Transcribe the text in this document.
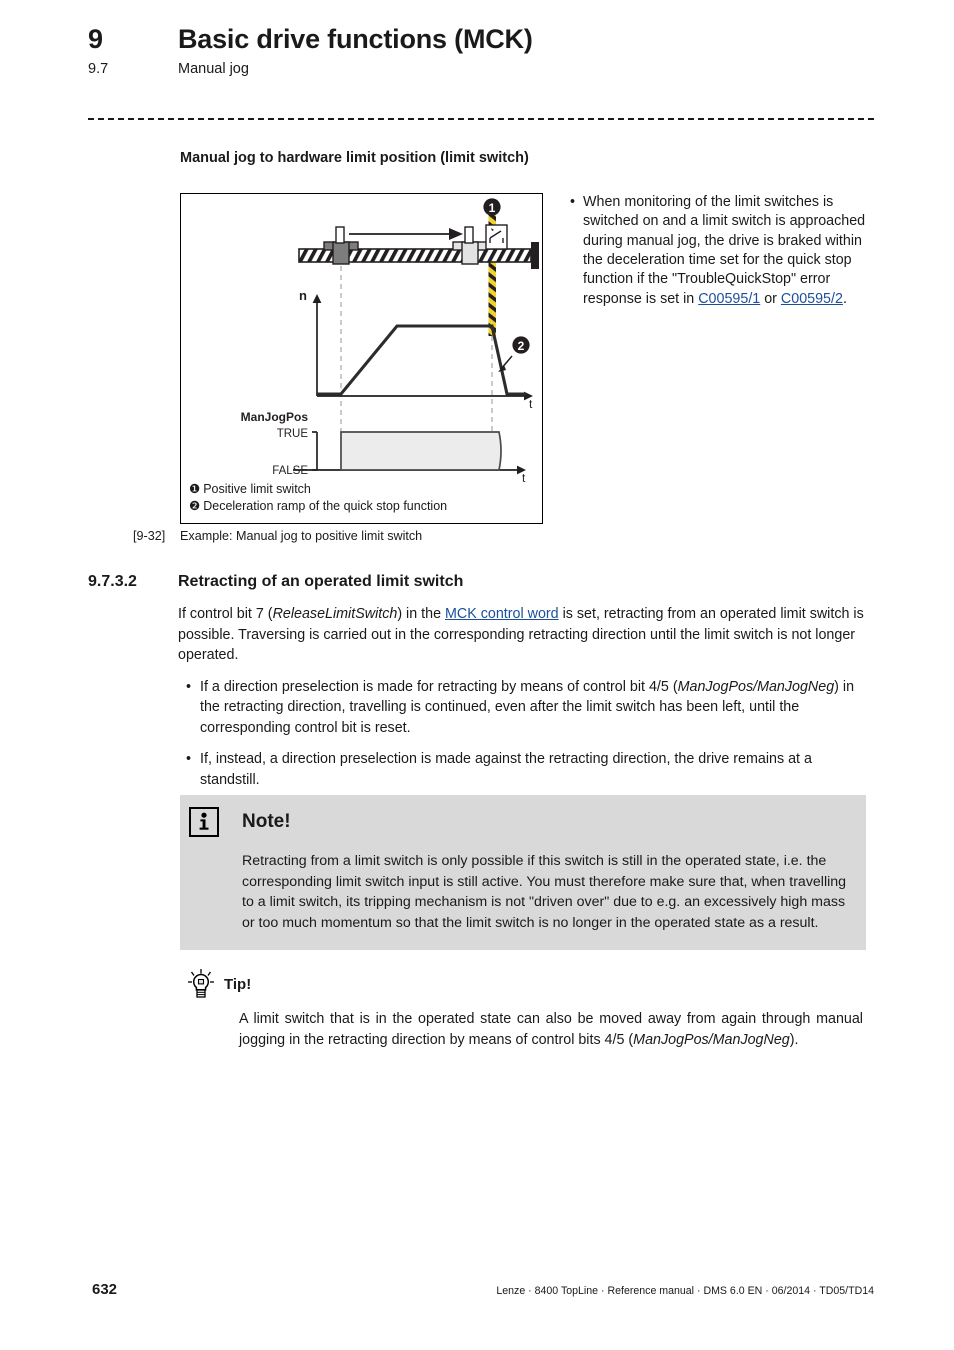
9	Basic drive functions (MCK)
9.7	Manual jog
Manual jog to hardware limit position (limit switch)
1
n
t
2
TRUE
FALSE
ManJogPos
t
❶ Positive limit switch
❷ Deceleration ramp of the quick stop function
• When monitoring of the limit switches is switched on and a limit switch is approached during manual jog, the drive is braked within the deceleration time set for the quick stop function if the "TroubleQuickStop" error response is set in C00595/1 or C00595/2.
[9-32]	Example: Manual jog to positive limit switch
9.7.3.2	Retracting of an operated limit switch

If control bit 7 (ReleaseLimitSwitch) in the MCK control word is set, retracting from an operated limit switch is possible. Traversing is carried out in the corresponding retracting direction until the limit switch is not longer operated.

• If a direction preselection is made for retracting by means of control bit 4/5 (ManJogPos/ManJogNeg) in the retracting direction, travelling is continued, even after the limit switch has been left, until the corresponding control bit is reset.
• If, instead, a direction preselection is made against the retracting direction, the drive remains at a standstill.
Note!
Retracting from a limit switch is only possible if this switch is still in the operated state, i.e. the corresponding limit switch input is still active. You must therefore make sure that, when travelling to a limit switch, its tripping mechanism is not "driven over" due to e.g. an excessively high mass or too much momentum so that the limit switch is no longer in the operated state as a result.
Tip!
A limit switch that is in the operated state can also be moved away from again through manual jogging in the retracting direction by means of control bits 4/5 (ManJogPos/ManJogNeg).
632	Lenze · 8400 TopLine · Reference manual · DMS 6.0 EN · 06/2014 · TD05/TD14
